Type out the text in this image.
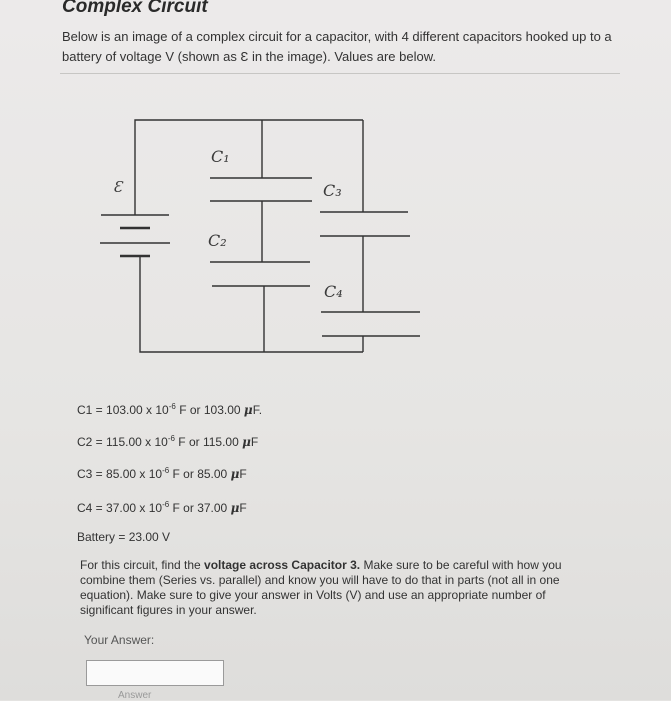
Complex Circuit
Below is an image of a complex circuit for a capacitor, with 4 different capacitors hooked up to a battery of voltage V (shown as Ɛ in the image). Values are below.
Ɛ
C₁
C₂
C₃
C₄
C1 = 103.00 x $10^{-6}$ F or 103.00 μF.
C2 = 115.00 x $10^{-6}$ F or 115.00 μF
C3 = 85.00 x $10^{-6}$ F or 85.00 μF
C4 = 37.00 x $10^{-6}$ F or 37.00 μF
Battery = 23.00 V
For this circuit, find the voltage across Capacitor 3. Make sure to be careful with how you combine them (Series vs. parallel) and know you will have to do that in parts (not all in one equation). Make sure to give your answer in Volts (V) and use an appropriate number of significant figures in your answer.
Your Answer:
Answer
